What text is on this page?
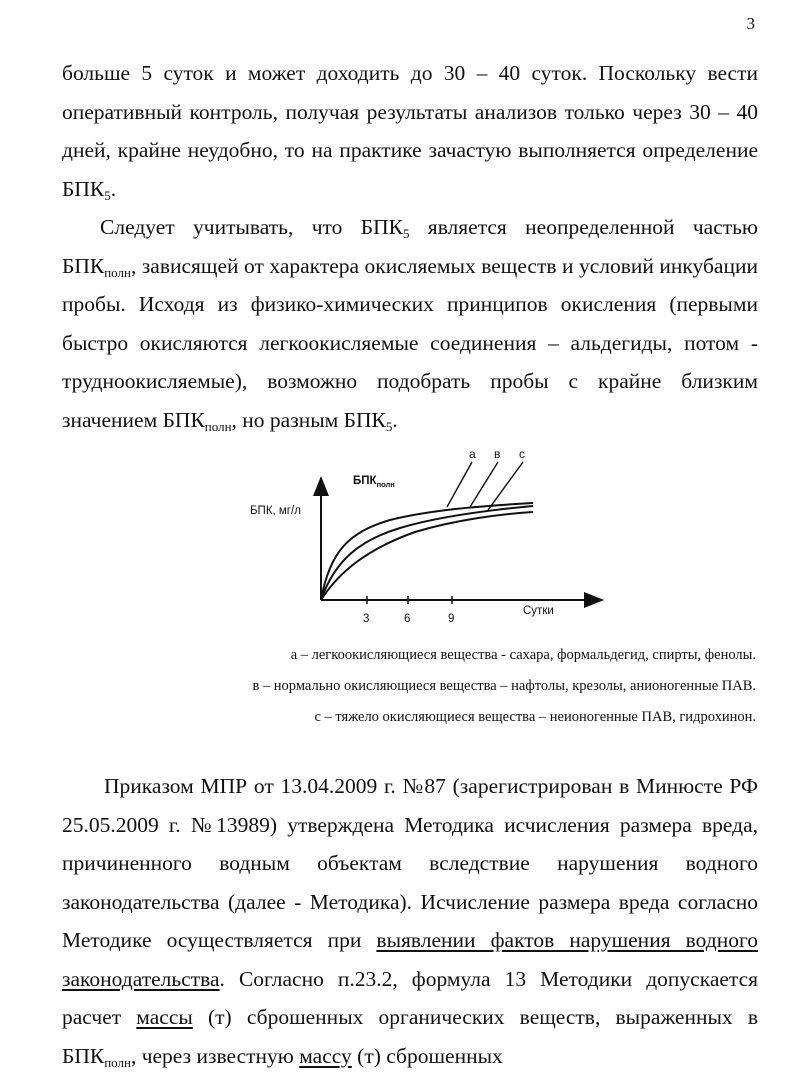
3

больше 5 суток и может доходить до 30 – 40 суток. Поскольку вести оперативный контроль, получая результаты анализов только через 30 – 40 дней, крайне неудобно, то на практике зачастую выполняется определение $БПК_5$.

Следует учитывать, что $БПК_5$ является неопределенной частью $БПК_{полн}$, зависящей от характера окисляемых веществ и условий инкубации пробы. Исходя из физико-химических принципов окисления (первыми быстро окисляются легкоокисляемые соединения – альдегиды, потом - трудноокисляемые), возможно подобрать пробы с крайне близким значением $БПК_{полн}$, но разным $БПК_5$.

а в с
$БПК_{полн}$
БПК, мг/л
3	6	9
Сутки

а – легкоокисляющиеся вещества - сахара, формальдегид, спирты, фенолы.

в – нормально окисляющиеся вещества – нафтолы, крезолы, анионогенные ПАВ.

с – тяжело окисляющиеся вещества – неионогенные ПАВ, гидрохинон.

Приказом МПР от 13.04.2009 г. №87 (зарегистрирован в Минюсте РФ 25.05.2009 г. №13989) утверждена Методика исчисления размера вреда, причиненного водным объектам вследствие нарушения водного законодательства (далее - Методика). Исчисление размера вреда согласно Методике осуществляется при выявлении фактов нарушения водного законодательства. Согласно п.23.2, формула 13 Методики допускается расчет массы (т) сброшенных органических веществ, выраженных в $БПК_{полн}$, через известную массу (т) сброшенных
